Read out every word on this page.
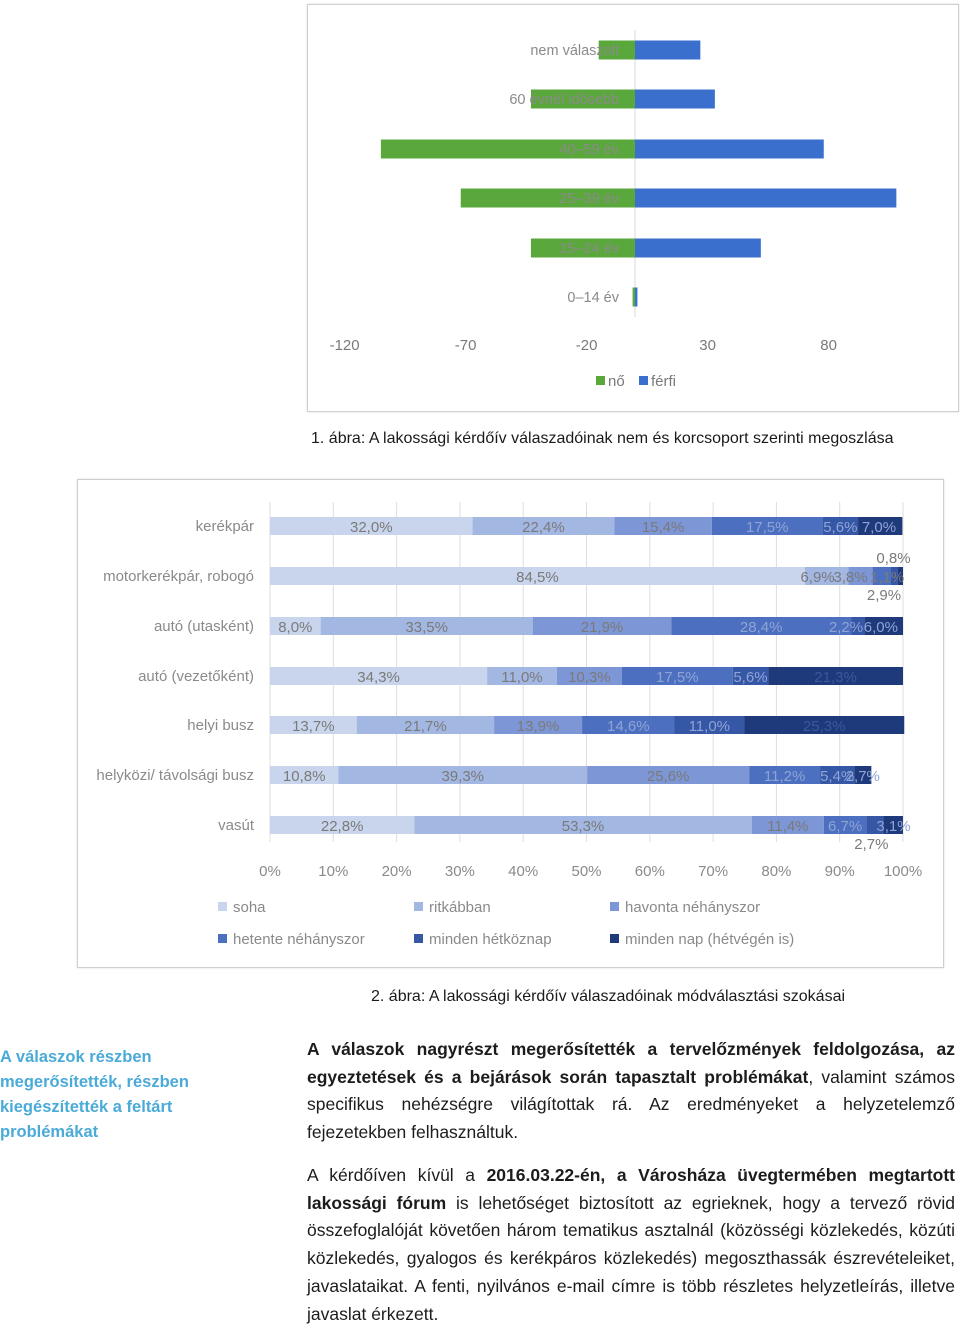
nem válaszolt
60 évnél idősebb
40–59 év
25–39 év
15–24 év
0–14 év
-120	-70	-20	30	80
nő férfi
1. ábra: A lakossági kérdőív válaszadóinak nem és korcsoport szerinti megoszlása
0% 10% 20% 30% 40% 50% 60% 70% 80% 90% 100%
kerékpár	32,0%	22,4%	15,4%	17,5% 5,6% 7,0%
motorkerékpár, robogó	84,5%	6,9%
3,8%
2,9%
1,1%
0,8%
autó (utasként) 8,0%	33,5%	21,9%	28,4%	2,2% 6,0%
autó (vezetőként)	34,3%	11,0% 10,3%	17,5% 5,6%	21,3%
helyi busz	13,7%	21,7%	13,9%	14,6%	11,0%	25,3%
helyközi/ távolsági busz 10,8%	39,3%	25,6%	11,2% 5,4%
2,7%
vasút	22,8%	53,3%	11,4% 6,7%
2,7%
3,1%
soha	ritkábban	havonta néhányszor
hetente néhányszor	minden hétköznap	minden nap (hétvégén is)
2. ábra: A lakossági kérdőív válaszadóinak módválasztási szokásai
A válaszok részben megerősítették, részben kiegészítették a feltárt problémákat
A válaszok nagyrészt megerősítették a tervelőzmények feldolgozása, az egyeztetések és a bejárások során tapasztalt problémákat, valamint számos specifikus nehézségre világítottak rá. Az eredményeket a helyzetelemző fejezetekben felhasználtuk.
A kérdőíven kívül a 2016.03.22-én, a Városháza üvegtermében megtartott lakossági fórum is lehetőséget biztosított az egrieknek, hogy a tervező rövid összefoglalóját követően három tematikus asztalnál (közösségi közlekedés, közúti közlekedés, gyalogos és kerékpáros közlekedés) megoszthassák észrevételeiket, javaslataikat. A fenti, nyilvános e-mail címre is több részletes helyzetleírás, illetve javaslat érkezett.
